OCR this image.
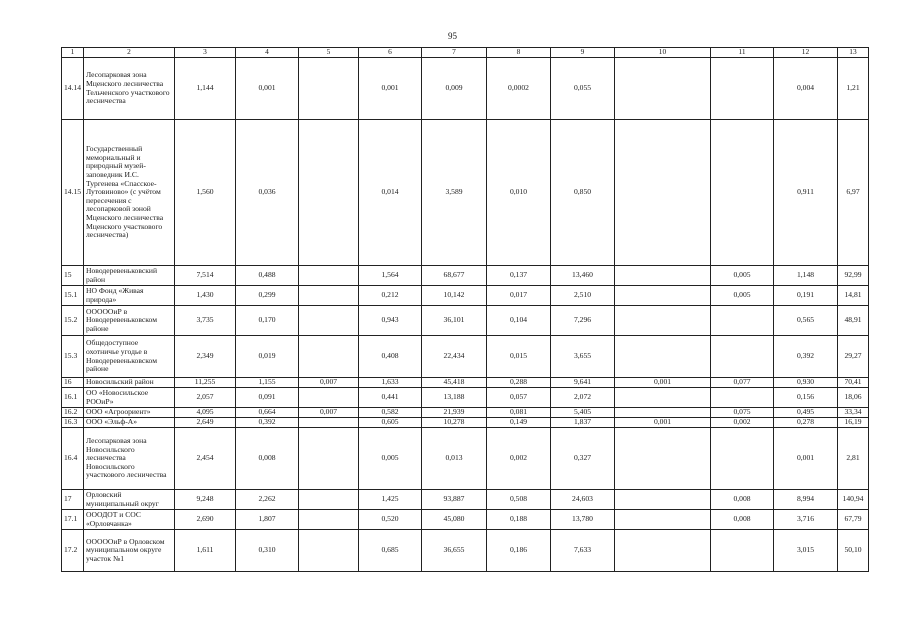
95
1	2	3	4	5	6	7	8	9	10	11	12	13
14.14	Лесопарковая зона Мценского лесничества Тельченского участкового лесничества	1,144	0,001		0,001	0,009	0,0002	0,055			0,004	1,21
14.15	Государственный мемориальный и природный музей-заповедник И.С. Тургенева «Спасское-Лутовиново» (с учётом пересечения с лесопарковой зоной Мценского лесничества Мценского участкового лесничества)	1,560	0,036		0,014	3,589	0,010	0,850			0,911	6,97
15	Новодеревеньковский район	7,514	0,488		1,564	68,677	0,137	13,460		0,005	1,148	92,99
15.1	НО Фонд «Живая природа»	1,430	0,299		0,212	10,142	0,017	2,510		0,005	0,191	14,81
15.2	ОООООиР в Новодеревеньковском районе	3,735	0,170		0,943	36,101	0,104	7,296			0,565	48,91
15.3	Общедоступное охотничье угодье в Новодеревеньковском районе	2,349	0,019		0,408	22,434	0,015	3,655			0,392	29,27
16	Новосильский район	11,255	1,155	0,007	1,633	45,418	0,288	9,641	0,001	0,077	0,930	70,41
16.1	ОО «Новосильское РООиР»	2,057	0,091		0,441	13,188	0,057	2,072			0,156	18,06
16.2	ООО «Агроориент»	4,095	0,664	0,007	0,582	21,939	0,081	5,405		0,075	0,495	33,34
16.3	ООО «Эльф-А»	2,649	0,392		0,605	10,278	0,149	1,837	0,001	0,002	0,278	16,19
16.4	Лесопарковая зона Новосильского лесничества Новосильского участкового лесничества	2,454	0,008		0,005	0,013	0,002	0,327			0,001	2,81
17	Орловский муниципальный округ	9,248	2,262		1,425	93,887	0,508	24,603		0,008	8,994	140,94
17.1	ОООДОТ и СОС «Орловчанка»	2,690	1,807		0,520	45,080	0,188	13,780		0,008	3,716	67,79
17.2	ОООООиР в Орловском муниципальном округе участок №1	1,611	0,310		0,685	36,655	0,186	7,633			3,015	50,10
